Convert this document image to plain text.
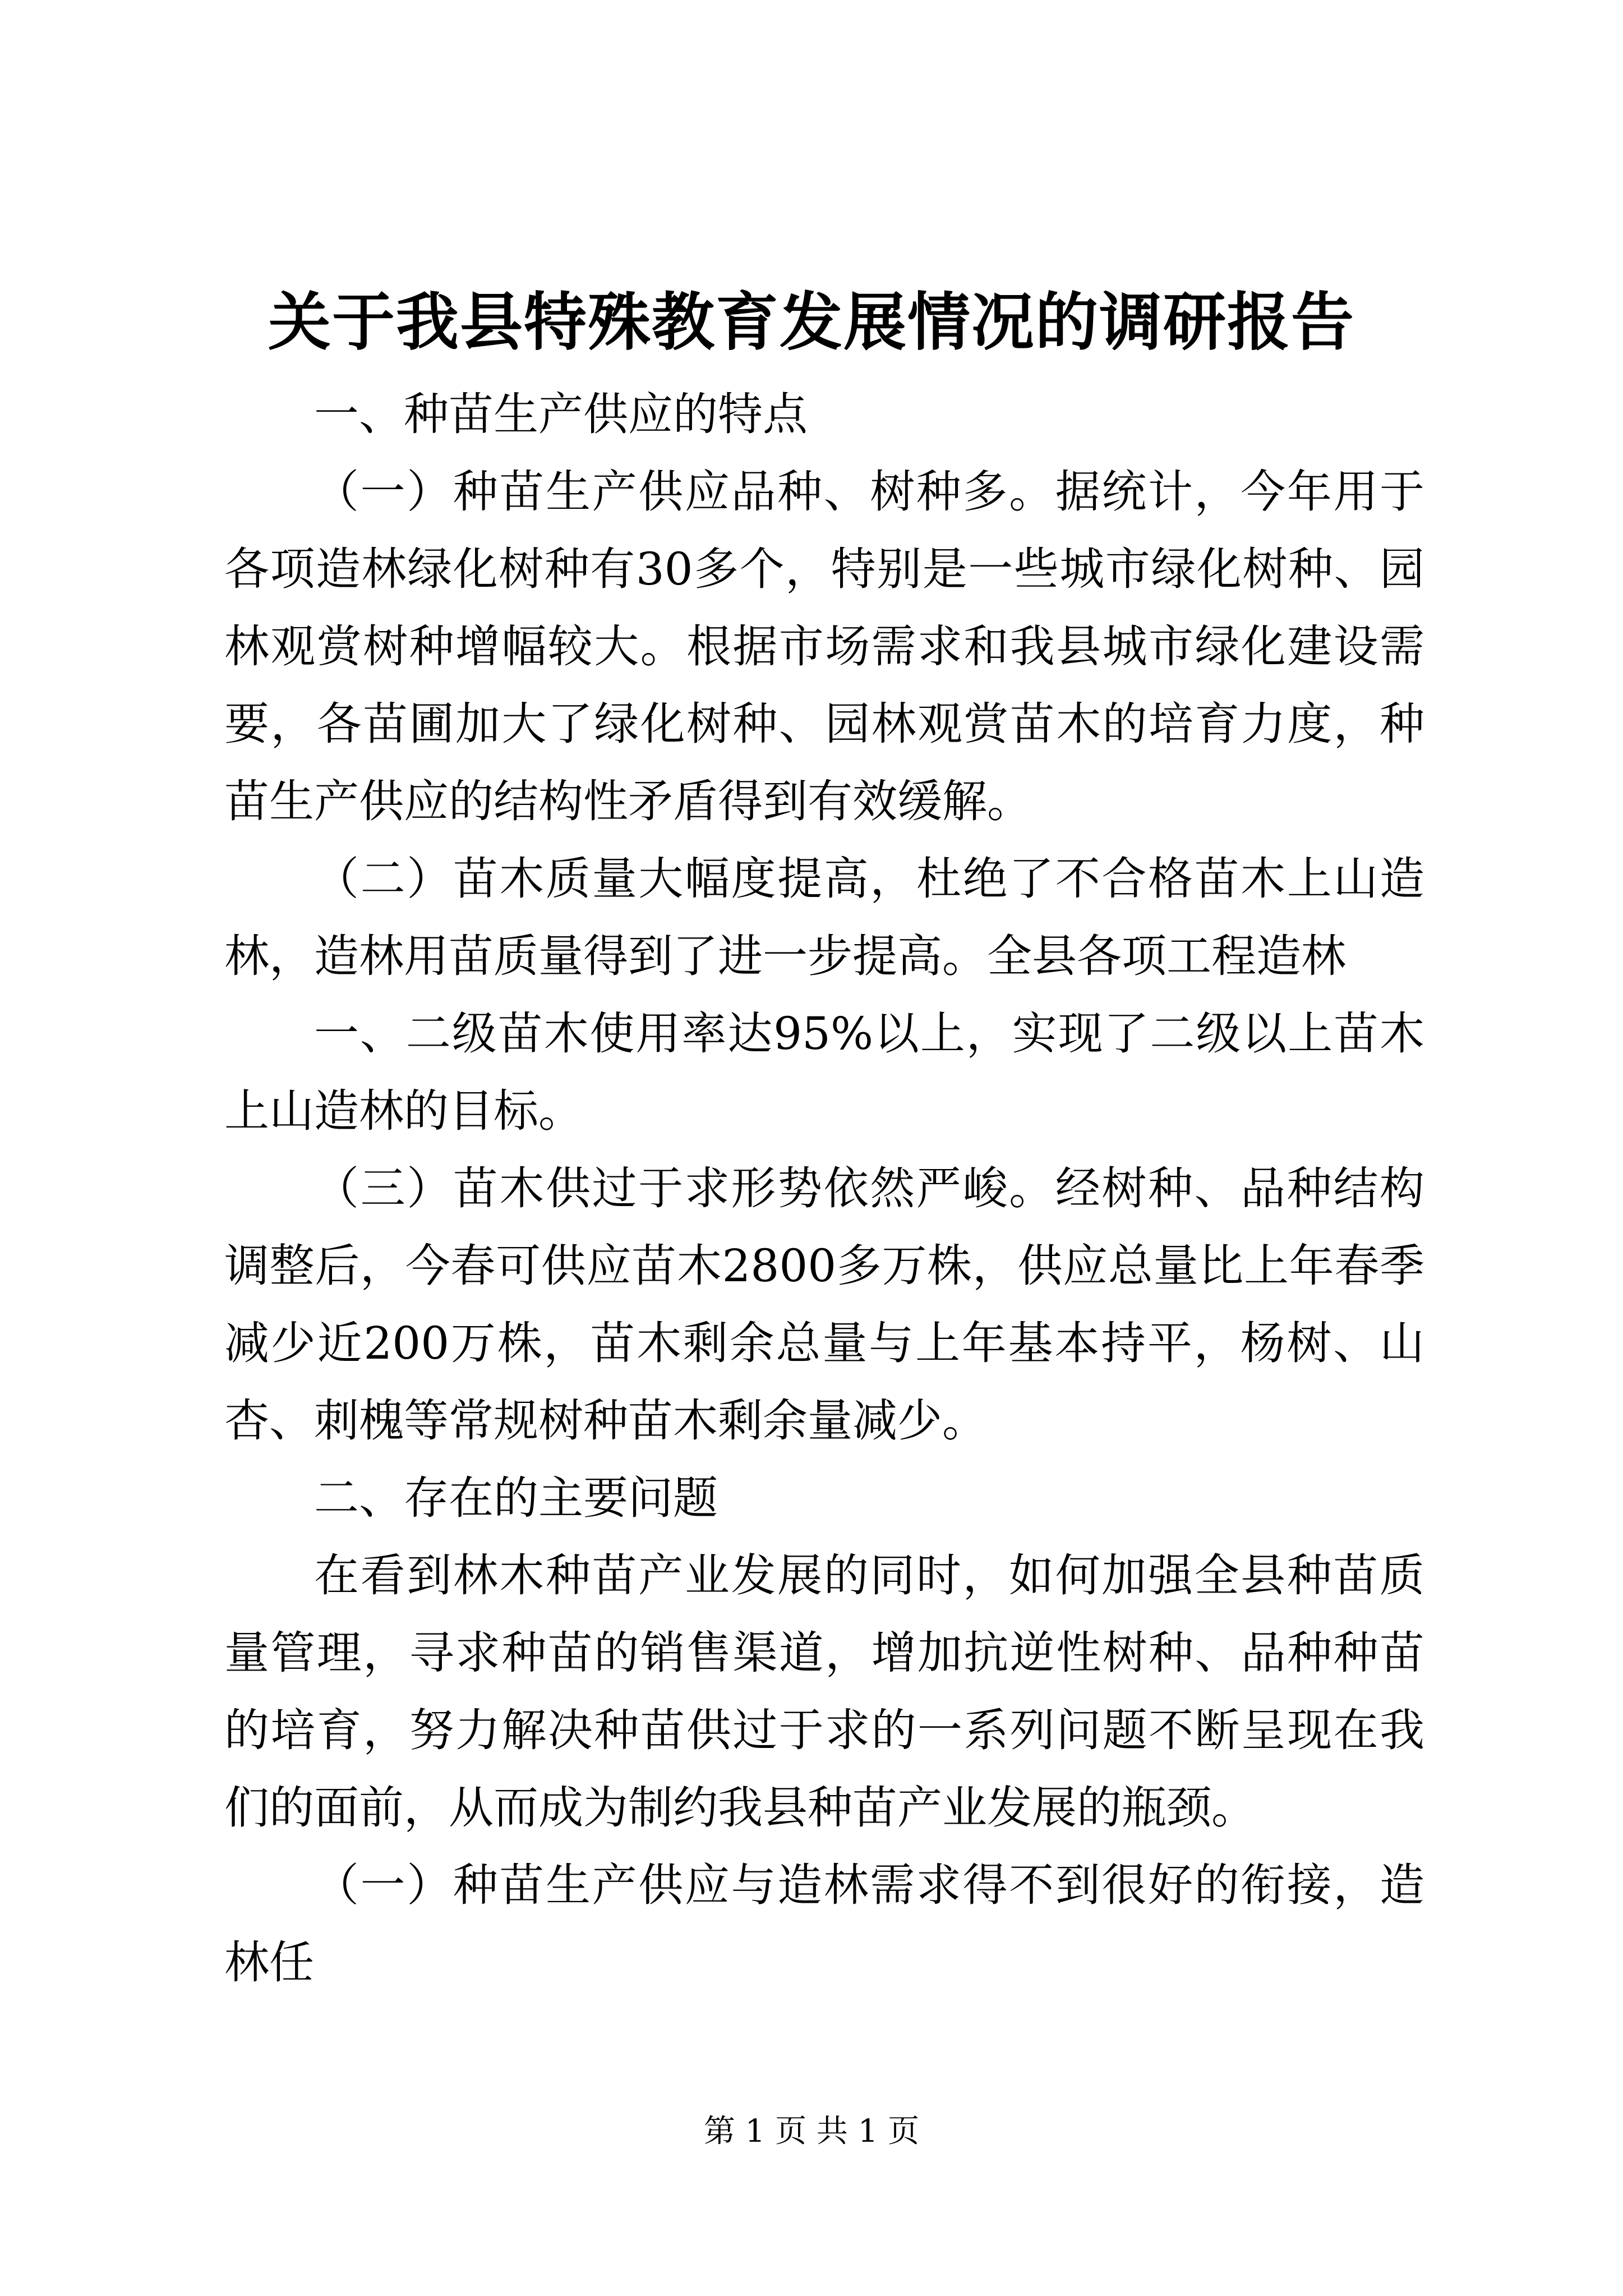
关于我县特殊教育发展情况的调研报告

一、种苗生产供应的特点

（一）种苗生产供应品种、树种多。据统计，今年用于各项造林绿化树种有30多个，特别是一些城市绿化树种、园林观赏树种增幅较大。根据市场需求和我县城市绿化建设需要，各苗圃加大了绿化树种、园林观赏苗木的培育力度，种苗生产供应的结构性矛盾得到有效缓解。

（二）苗木质量大幅度提高，杜绝了不合格苗木上山造林，造林用苗质量得到了进一步提高。全县各项工程造林

一、二级苗木使用率达95%以上，实现了二级以上苗木上山造林的目标。

（三）苗木供过于求形势依然严峻。经树种、品种结构调整后，今春可供应苗木2800多万株，供应总量比上年春季减少近200万株，苗木剩余总量与上年基本持平，杨树、山杏、刺槐等常规树种苗木剩余量减少。

二、存在的主要问题

在看到林木种苗产业发展的同时，如何加强全县种苗质量管理，寻求种苗的销售渠道，增加抗逆性树种、品种种苗的培育，努力解决种苗供过于求的一系列问题不断呈现在我们的面前，从而成为制约我县种苗产业发展的瓶颈。

（一）种苗生产供应与造林需求得不到很好的衔接，造林任

第 1 页 共 1 页
